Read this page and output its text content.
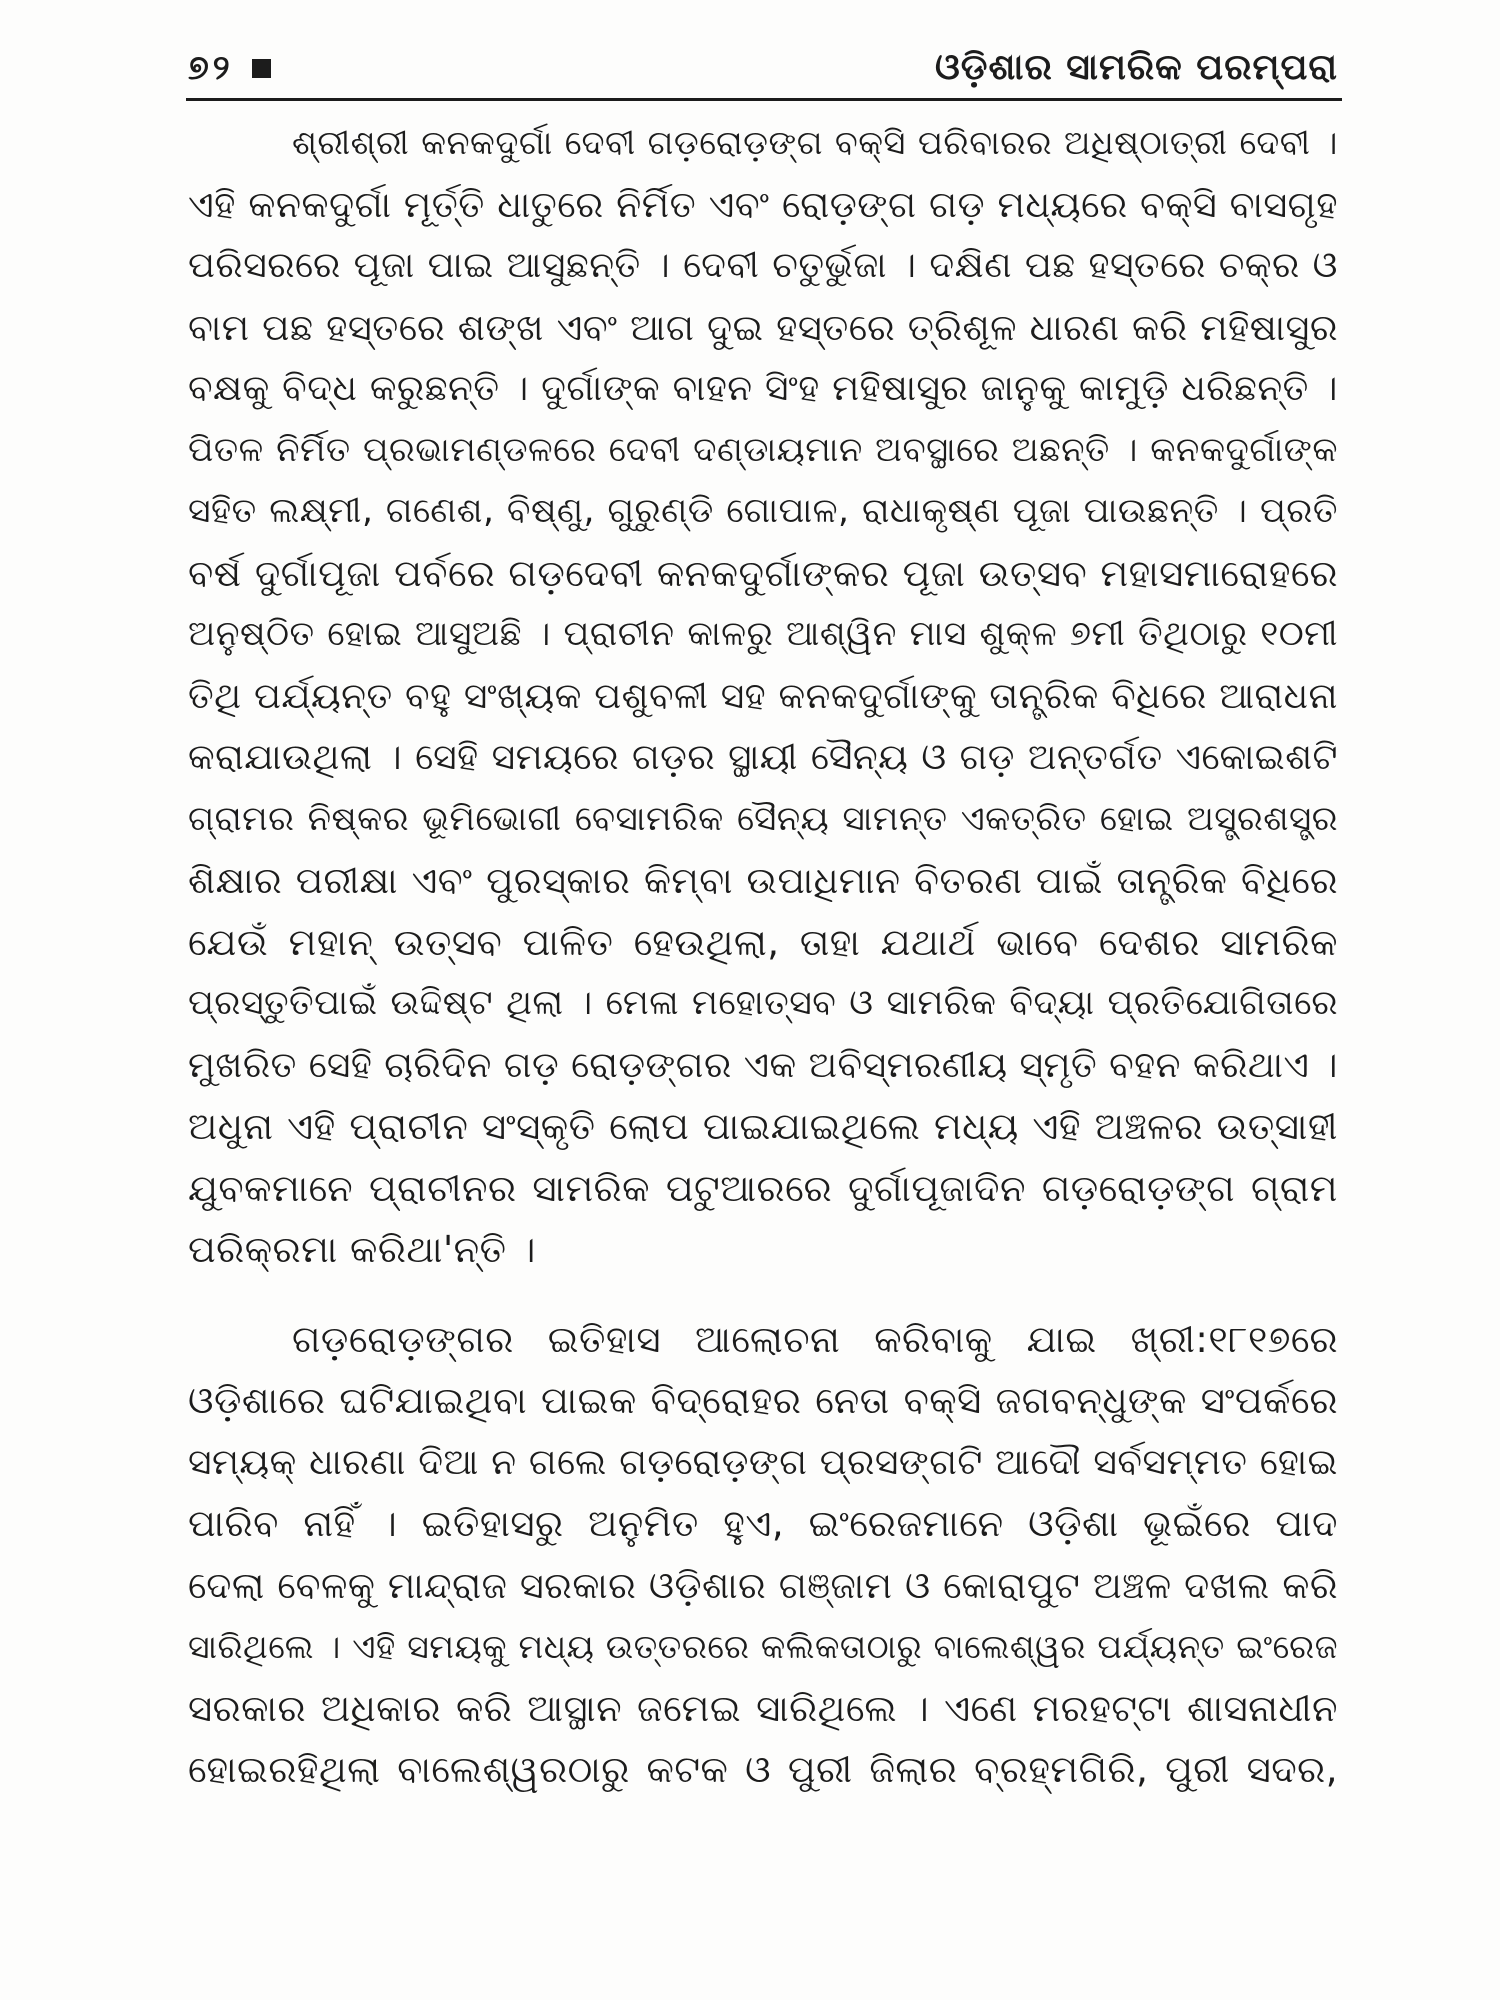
୭୨	ଓଡ଼ିଶାର ସାମରିକ ପରମ୍ପରା
ଶ୍ରୀଶ୍ରୀ କନକଦୁର୍ଗା ଦେବୀ ଗଡ଼ରୋଡ଼ଙ୍ଗ ବକ୍‌ସି ପରିବାରର ଅଧିଷ୍ଠାତ୍ରୀ ଦେବୀ ।
ଏହି କନକଦୁର୍ଗା ମୂର୍ତ୍ତି ଧାତୁରେ ନିର୍ମିତ ଏବଂ ରୋଡ଼ଙ୍ଗ ଗଡ଼ ମଧ୍ୟରେ ବକ୍‌ସି ବାସଗୃହ
ପରିସରରେ ପୂଜା ପାଇ ଆସୁଛନ୍ତି । ଦେବୀ ଚତୁର୍ଭୁଜା । ଦକ୍ଷିଣ ପଛ ହସ୍ତରେ ଚକ୍ର ଓ
ବାମ ପଛ ହସ୍ତରେ ଶଙ୍ଖ ଏବଂ ଆଗ ଦୁଇ ହସ୍ତରେ ତ୍ରିଶୂଳ ଧାରଣ କରି ମହିଷାସୁର
ବକ୍ଷକୁ ବିଦ୍ଧ କରୁଛନ୍ତି । ଦୁର୍ଗାଙ୍କ ବାହନ ସିଂହ ମହିଷାସୁର ଜାନୁକୁ କାମୁଡ଼ି ଧରିଛନ୍ତି ।
ପିତଳ ନିର୍ମିତ ପ୍ରଭାମଣ୍ଡଳରେ ଦେବୀ ଦଣ୍ଡାୟମାନ ଅବସ୍ଥାରେ ଅଛନ୍ତି । କନକଦୁର୍ଗାଙ୍କ
ସହିତ ଲକ୍ଷ୍ମୀ, ଗଣେଶ, ବିଷ୍ଣୁ, ଗୁରୁଣ୍ଡି ଗୋପାଳ, ରାଧାକୃଷ୍ଣ ପୂଜା ପାଉଛନ୍ତି । ପ୍ରତି
ବର୍ଷ ଦୁର୍ଗାପୂଜା ପର୍ବରେ ଗଡ଼ଦେବୀ କନକଦୁର୍ଗାଙ୍କର ପୂଜା ଉତ୍ସବ ମହାସମାରୋହରେ
ଅନୁଷ୍ଠିତ ହୋଇ ଆସୁଅଛି । ପ୍ରାଚୀନ କାଳରୁ ଆଶ୍ୱିନ ମାସ ଶୁକ୍ଳ ୭ମୀ ତିଥିଠାରୁ ୧୦ମୀ
ତିଥି ପର୍ଯ୍ୟନ୍ତ ବହୁ ସଂଖ୍ୟକ ପଶୁବଳୀ ସହ କନକଦୁର୍ଗାଙ୍କୁ ତାନ୍ତ୍ରିକ ବିଧିରେ ଆରାଧନା
କରାଯାଉଥିଲା । ସେହି ସମୟରେ ଗଡ଼ର ସ୍ଥାୟୀ ସୈନ୍ୟ ଓ ଗଡ଼ ଅନ୍ତର୍ଗତ ଏକୋଇଶଟି
ଗ୍ରାମର ନିଷ୍କର ଭୂମିଭୋଗୀ ବେସାମରିକ ସୈନ୍ୟ ସାମନ୍ତ ଏକତ୍ରିତ ହୋଇ ଅସ୍ତ୍ରଶସ୍ତ୍ର
ଶିକ୍ଷାର ପରୀକ୍ଷା ଏବଂ ପୁରସ୍କାର କିମ୍ବା ଉପାଧିମାନ ବିତରଣ ପାଇଁ ତାନ୍ତ୍ରିକ ବିଧିରେ
ଯେଉଁ ମହାନ୍ ଉତ୍ସବ ପାଳିତ ହେଉଥିଲା, ତାହା ଯଥାର୍ଥ ଭାବେ ଦେଶର ସାମରିକ
ପ୍ରସ୍ତୁତିପାଇଁ ଉଦ୍ଦିଷ୍ଟ ଥିଲା । ମେଳା ମହୋତ୍ସବ ଓ ସାମରିକ ବିଦ୍ୟା ପ୍ରତିଯୋଗିତାରେ
ମୁଖରିତ ସେହି ଚାରିଦିନ ଗଡ଼ ରୋଡ଼ଙ୍ଗର ଏକ ଅବିସ୍ମରଣୀୟ ସ୍ମୃତି ବହନ କରିଥାଏ ।
ଅଧୁନା ଏହି ପ୍ରାଚୀନ ସଂସ୍କୃତି ଲୋପ ପାଇଯାଇଥିଲେ ମଧ୍ୟ ଏହି ଅଞ୍ଚଳର ଉତ୍ସାହୀ
ଯୁବକମାନେ ପ୍ରାଚୀନର ସାମରିକ ପଟୁଆରରେ ଦୁର୍ଗାପୂଜାଦିନ ଗଡ଼ରୋଡ଼ଙ୍ଗ ଗ୍ରାମ
ପରିକ୍ରମା କରିଥା'ନ୍ତି ।
ଗଡ଼ରୋଡ଼ଙ୍ଗର ଇତିହାସ ଆଲୋଚନା କରିବାକୁ ଯାଇ ଖ୍ରୀ:୧୮୧୭ରେ
ଓଡ଼ିଶାରେ ଘଟିଯାଇଥିବା ପାଇକ ବିଦ୍ରୋହର ନେତା ବକ୍‌ସି ଜଗବନ୍ଧୁଙ୍କ ସଂପର୍କରେ
ସମ୍ୟକ୍ ଧାରଣା ଦିଆ ନ ଗଲେ ଗଡ଼ରୋଡ଼ଙ୍ଗ ପ୍ରସଙ୍ଗଟି ଆଦୌ ସର୍ବସମ୍ମତ ହୋଇ
ପାରିବ ନାହିଁ । ଇତିହାସରୁ ଅନୁମିତ ହୁଏ, ଇଂରେଜମାନେ ଓଡ଼ିଶା ଭୂଇଁରେ ପାଦ
ଦେଲା ବେଳକୁ ମାନ୍ଦ୍ରାଜ ସରକାର ଓଡ଼ିଶାର ଗଞ୍ଜାମ ଓ କୋରାପୁଟ ଅଞ୍ଚଳ ଦଖଲ କରି
ସାରିଥିଲେ । ଏହି ସମୟକୁ ମଧ୍ୟ ଉତ୍ତରରେ କଲିକତାଠାରୁ ବାଲେଶ୍ୱର ପର୍ଯ୍ୟନ୍ତ ଇଂରେଜ
ସରକାର ଅଧିକାର କରି ଆସ୍ଥାନ ଜମେଇ ସାରିଥିଲେ । ଏଣେ ମରହଟ୍ଟା ଶାସନାଧୀନ
ହୋଇରହିଥିଲା ବାଲେଶ୍ୱରଠାରୁ କଟକ ଓ ପୁରୀ ଜିଲାର ବ୍ରହ୍ମଗିରି, ପୁରୀ ସଦର,
